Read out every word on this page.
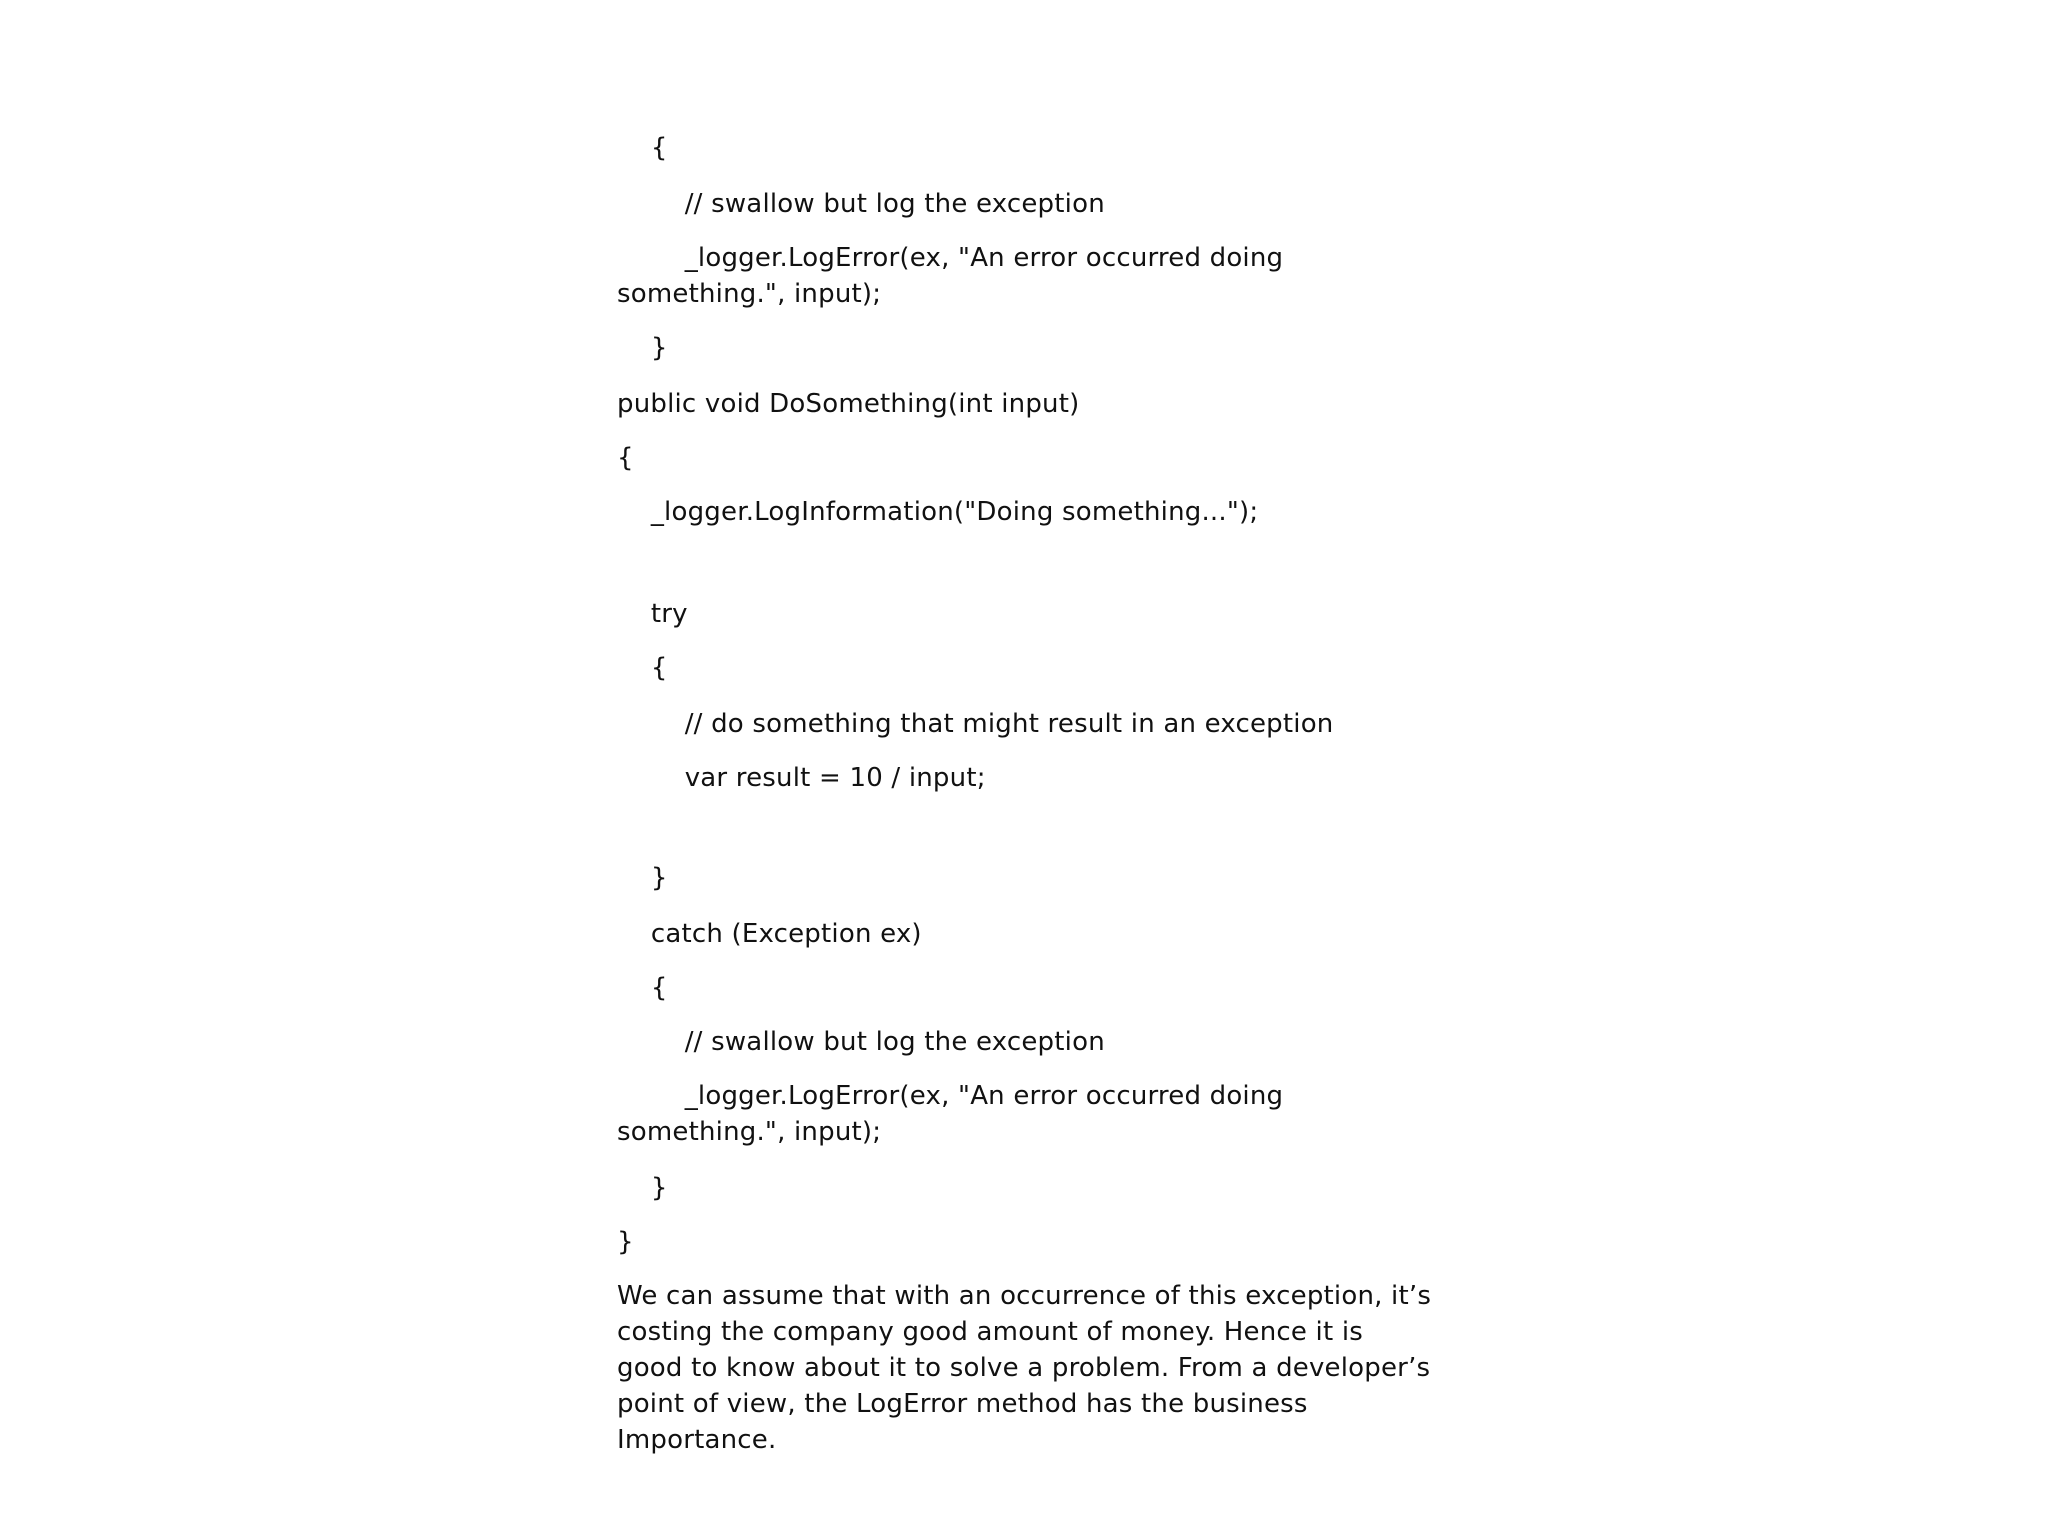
{

// swallow but log the exception

_logger.LogError(ex, "An error occurred doing

something.", input);

}

public void DoSomething(int input)

{

_logger.LogInformation("Doing something...");

try

{

// do something that might result in an exception

var result = 10 / input;

}

catch (Exception ex)

{

// swallow but log the exception

_logger.LogError(ex, "An error occurred doing

something.", input);

}

}

We can assume that with an occurrence of this exception, it’s costing the company good amount of money. Hence it is good to know about it to solve a problem. From a developer’s point of view, the LogError method has the business Importance.
